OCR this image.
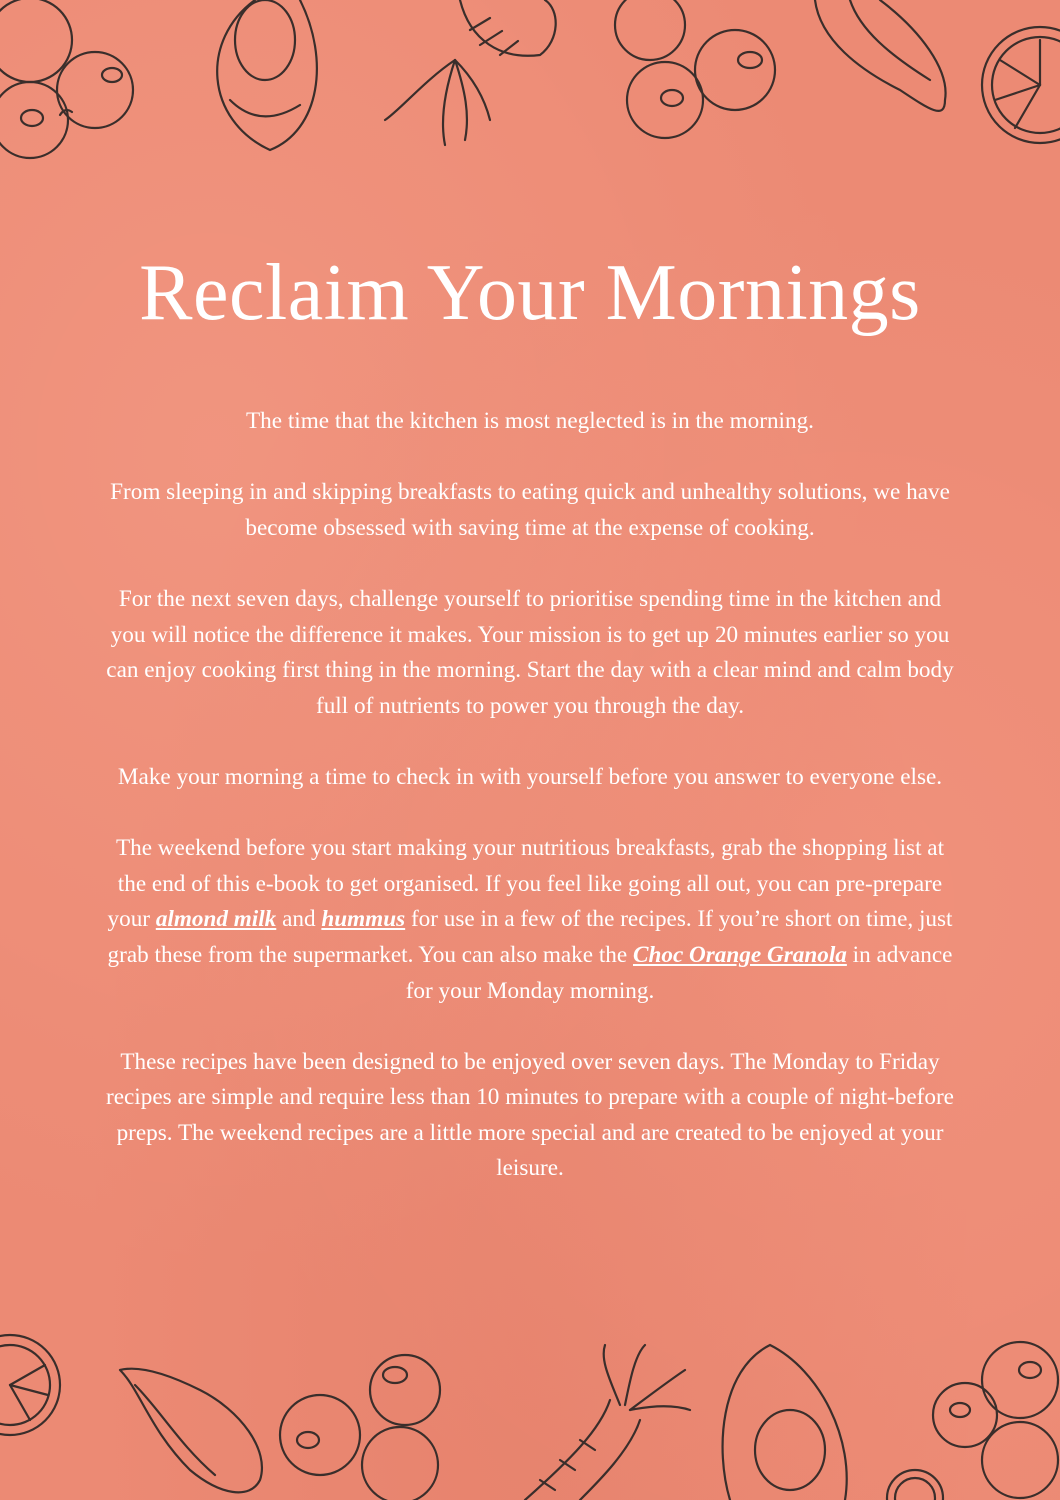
Reclaim Your Mornings

The time that the kitchen is most neglected is in the morning.

From sleeping in and skipping breakfasts to eating quick and unhealthy solutions, we have become obsessed with saving time at the expense of cooking.

For the next seven days, challenge yourself to prioritise spending time in the kitchen and you will notice the difference it makes. Your mission is to get up 20 minutes earlier so you can enjoy cooking first thing in the morning. Start the day with a clear mind and calm body full of nutrients to power you through the day.

Make your morning a time to check in with yourself before you answer to everyone else.

The weekend before you start making your nutritious breakfasts, grab the shopping list at the end of this e-book to get organised. If you feel like going all out, you can pre-prepare your almond milk and hummus for use in a few of the recipes. If you’re short on time, just grab these from the supermarket. You can also make the Choc Orange Granola in advance for your Monday morning.

These recipes have been designed to be enjoyed over seven days. The Monday to Friday recipes are simple and require less than 10 minutes to prepare with a couple of night-before preps. The weekend recipes are a little more special and are created to be enjoyed at your leisure.
